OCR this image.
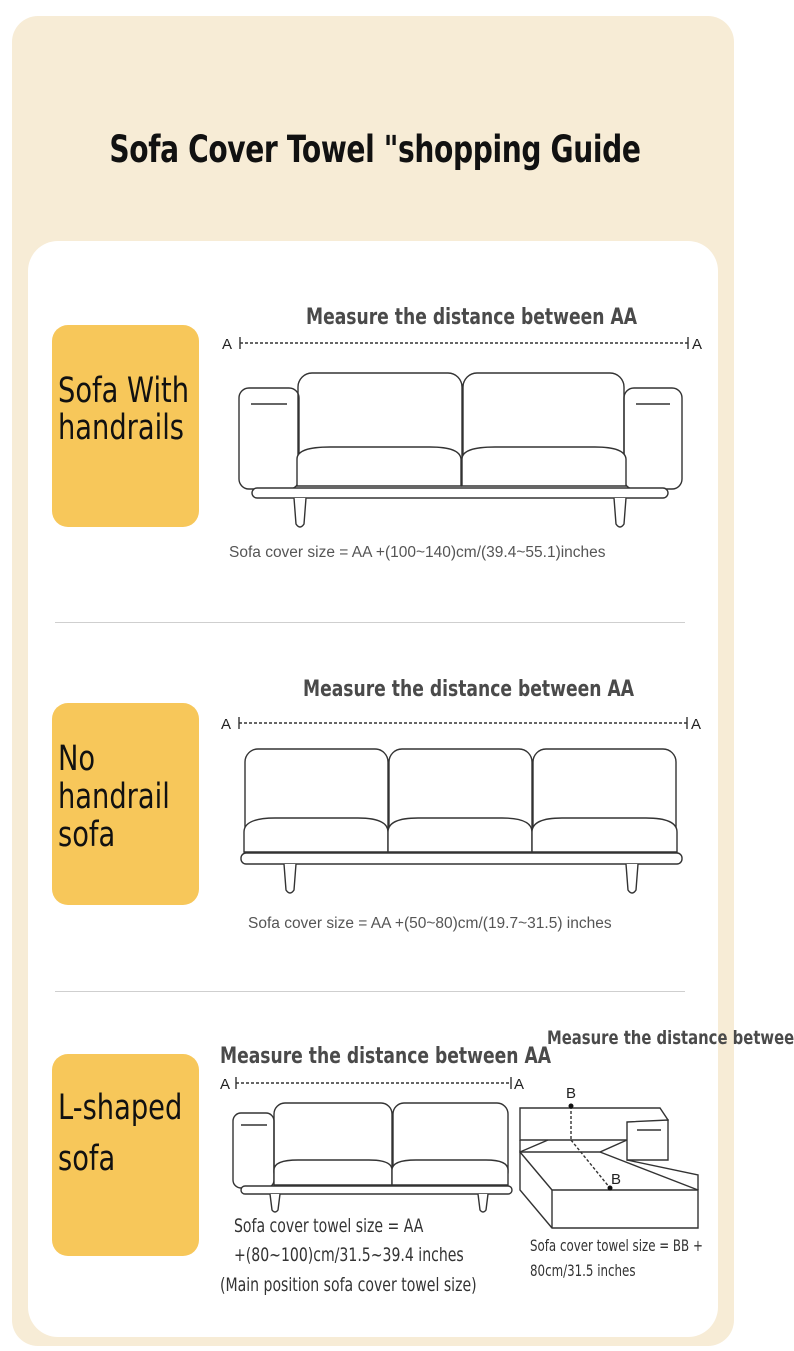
Sofa Cover Towel "shopping Guide
Sofa With
handrails
Measure the distance between AA
Sofa cover size = AA +(100~140)cm/(39.4~55.1)inches
A	A
No
handrail
sofa
Measure the distance between AA
Sofa cover size = AA +(50~80)cm/(19.7~31.5) inches
A	A
L-shaped
sofa
Measure the distance between AA
Measure the distance betwee
Sofa cover towel size = AA
+(80~100)cm/31.5~39.4 inches
(Main position sofa cover towel size)
Sofa cover towel size = BB +
80cm/31.5 inches
A	A
B
B
